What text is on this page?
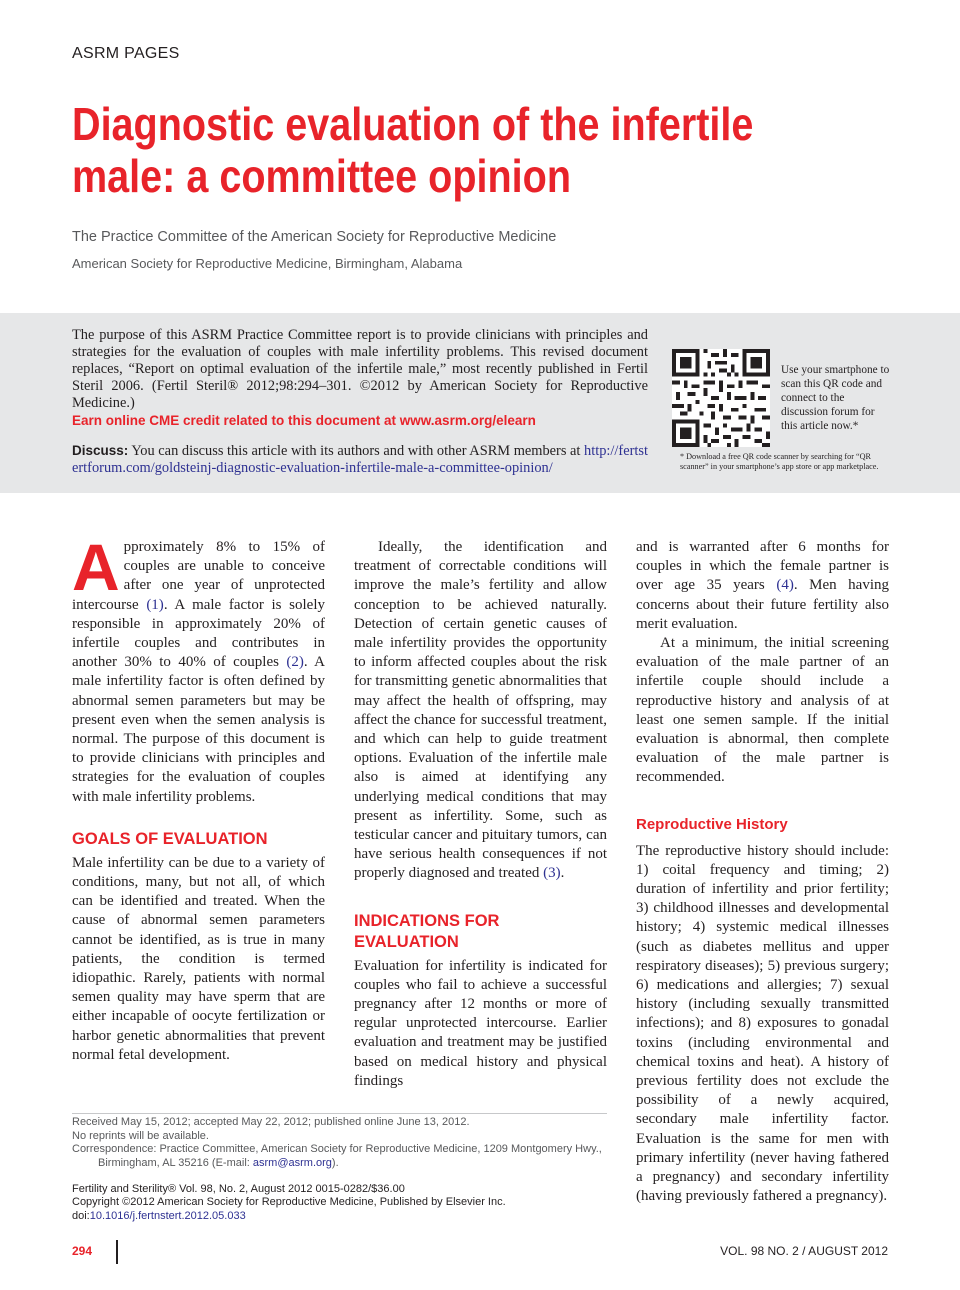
ASRM PAGES
Diagnostic evaluation of the infertile
male: a committee opinion
The Practice Committee of the American Society for Reproductive Medicine
American Society for Reproductive Medicine, Birmingham, Alabama
The purpose of this ASRM Practice Committee report is to provide clinicians with principles and strategies for the evaluation of couples with male infertility problems. This revised document replaces, “Report on optimal evaluation of the infertile male,” most recently published in Fertil Steril 2006. (Fertil Steril® 2012;98:294–301. ©2012 by American Society for Reproductive Medicine.)
Earn online CME credit related to this document at www.asrm.org/elearn
Discuss: You can discuss this article with its authors and with other ASRM members at http://fertstertforum.com/goldsteinj-diagnostic-evaluation-infertile-male-a-committee-opinion/
Use your smartphone to scan this QR code and connect to the discussion forum for this article now.*
* Download a free QR code scanner by searching for “QR scanner” in your smartphone’s app store or app marketplace.

Approximately 8% to 15% of couples are unable to conceive after one year of unprotected intercourse (1). A male factor is solely responsible in approximately 20% of infertile couples and contributes in another 30% to 40% of couples (2). A male infertility factor is often defined by abnormal semen parameters but may be present even when the semen analysis is normal. The purpose of this document is to provide clinicians with principles and strategies for the evaluation of couples with male infertility problems.

GOALS OF EVALUATION

Male infertility can be due to a variety of conditions, many, but not all, of which can be identified and treated. When the cause of abnormal semen parameters cannot be identified, as is true in many patients, the condition is termed idiopathic. Rarely, patients with normal semen quality may have sperm that are either incapable of oocyte fertilization or harbor genetic abnormalities that prevent normal fetal development.

Ideally, the identification and treatment of correctable conditions will improve the male’s fertility and allow conception to be achieved naturally. Detection of certain genetic causes of male infertility provides the opportunity to inform affected couples about the risk for transmitting genetic abnormalities that may affect the health of offspring, may affect the chance for successful treatment, and which can help to guide treatment options. Evaluation of the infertile male also is aimed at identifying any underlying medical conditions that may present as infertility. Some, such as testicular cancer and pituitary tumors, can have serious health consequences if not properly diagnosed and treated (3).

INDICATIONS FOR
EVALUATION

Evaluation for infertility is indicated for couples who fail to achieve a successful pregnancy after 12 months or more of regular unprotected intercourse. Earlier evaluation and treatment may be justified based on medical history and physical findings

and is warranted after 6 months for couples in which the female partner is over age 35 years (4). Men having concerns about their future fertility also merit evaluation.

At a minimum, the initial screening evaluation of the male partner of an infertile couple should include a reproductive history and analysis of at least one semen sample. If the initial evaluation is abnormal, then complete evaluation of the male partner is recommended.

Reproductive History

The reproductive history should include: 1) coital frequency and timing; 2) duration of infertility and prior fertility; 3) childhood illnesses and developmental history; 4) systemic medical illnesses (such as diabetes mellitus and upper respiratory diseases); 5) previous surgery; 6) medications and allergies; 7) sexual history (including sexually transmitted infections); and 8) exposures to gonadal toxins (including environmental and chemical toxins and heat). A history of previous fertility does not exclude the possibility of a newly acquired, secondary male infertility factor. Evaluation is the same for men with primary infertility (never having fathered a pregnancy) and secondary infertility (having previously fathered a pregnancy).

Received May 15, 2012; accepted May 22, 2012; published online June 13, 2012.
No reprints will be available.
Correspondence: Practice Committee, American Society for Reproductive Medicine, 1209 Montgomery Hwy., Birmingham, AL 35216 (E-mail: asrm@asrm.org).
Fertility and Sterility® Vol. 98, No. 2, August 2012 0015-0282/$36.00
Copyright ©2012 American Society for Reproductive Medicine, Published by Elsevier Inc.
doi:10.1016/j.fertnstert.2012.05.033
294	VOL. 98 NO. 2 / AUGUST 2012
